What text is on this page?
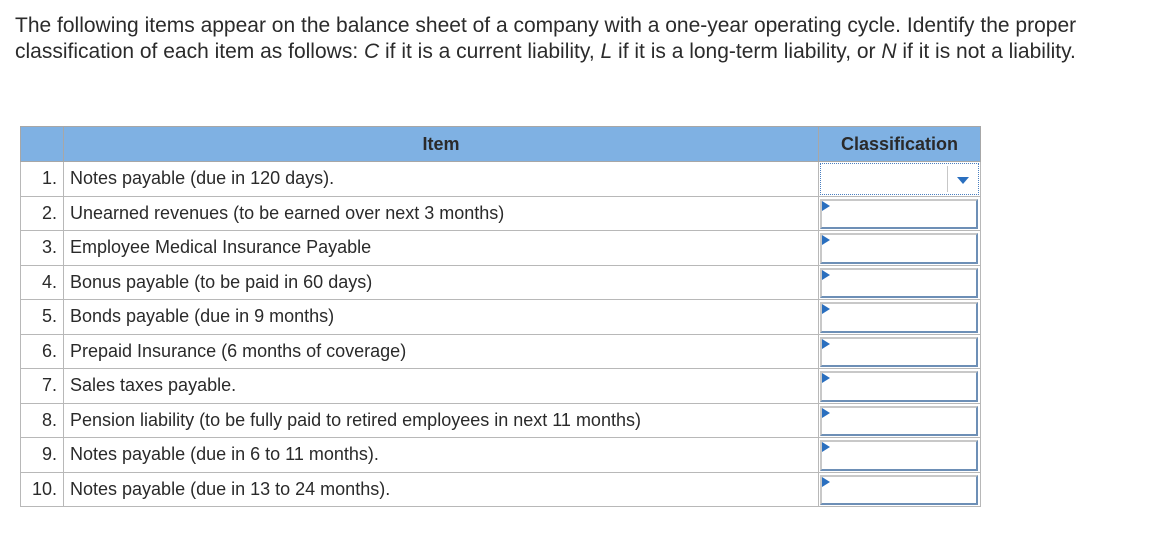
The following items appear on the balance sheet of a company with a one-year operating cycle. Identify the proper classification of each item as follows: C if it is a current liability, L if it is a long-term liability, or N if it is not a liability.
	Item	Classification
1.	Notes payable (due in 120 days).	

2.	Unearned revenues (to be earned over next 3 months)	

3.	Employee Medical Insurance Payable	

4.	Bonus payable (to be paid in 60 days)	

5.	Bonds payable (due in 9 months)	

6.	Prepaid Insurance (6 months of coverage)	

7.	Sales taxes payable.	

8.	Pension liability (to be fully paid to retired employees in next 11 months)	

9.	Notes payable (due in 6 to 11 months).	

10.	Notes payable (due in 13 to 24 months).	
